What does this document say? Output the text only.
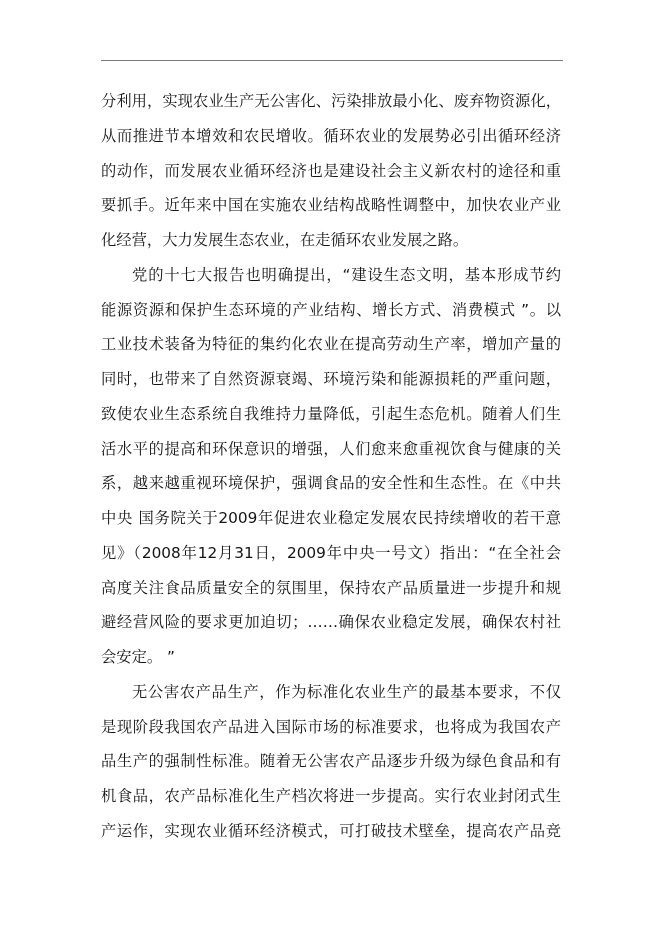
分利用，实现农业生产无公害化、污染排放最小化、废弃物资源化，
从而推进节本增效和农民增收。循环农业的发展势必引出循环经济
的动作，而发展农业循环经济也是建设社会主义新农村的途径和重
要抓手。近年来中国在实施农业结构战略性调整中，加快农业产业
化经营，大力发展生态农业，在走循环农业发展之路。
党的十七大报告也明确提出，“建设生态文明，基本形成节约
能源资源和保护生态环境的产业结构、增长方式、消费模式 ”。以
工业技术装备为特征的集约化农业在提高劳动生产率，增加产量的
同时，也带来了自然资源衰竭、环境污染和能源损耗的严重问题，
致使农业生态系统自我维持力量降低，引起生态危机。随着人们生
活水平的提高和环保意识的增强，人们愈来愈重视饮食与健康的关
系，越来越重视环境保护，强调食品的安全性和生态性。在《中共
中央 国务院关于2009年促进农业稳定发展农民持续增收的若干意
见》（2008年12月31日，2009年中央一号文）指出：“在全社会
高度关注食品质量安全的氛围里，保持农产品质量进一步提升和规
避经营风险的要求更加迫切；……确保农业稳定发展，确保农村社
会安定。 ”
无公害农产品生产，作为标准化农业生产的最基本要求，不仅
是现阶段我国农产品进入国际市场的标准要求，也将成为我国农产
品生产的强制性标准。随着无公害农产品逐步升级为绿色食品和有
机食品，农产品标准化生产档次将进一步提高。实行农业封闭式生
产运作，实现农业循环经济模式，可打破技术壁垒，提高农产品竞
